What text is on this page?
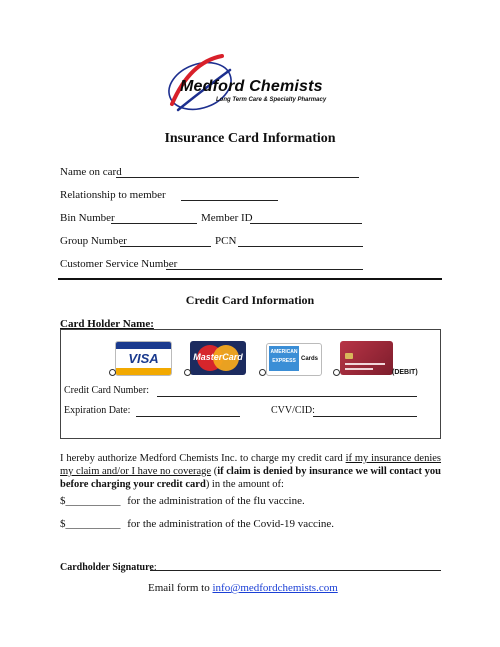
Medford Chemists
Long Term Care & Specialty Pharmacy
Insurance Card Information
Name on card
Relationship to member
Bin Number	Member ID
Group Number	PCN
Customer Service Number
Credit Card Information
Card Holder Name:
VISA	MasterCard	AMERICAN
EXPRESS Cards
(DEBIT)
Credit Card Number:
Expiration Date:	CVV/CID:
I hereby authorize Medford Chemists Inc. to charge my credit card if my insurance denies my claim and/or I have no coverage (if claim is denied by insurance we will contact you before charging your credit card) in the amount of:
$__________ for the administration of the flu vaccine.
$__________ for the administration of the Covid-19 vaccine.
Cardholder Signature:
Email form to info@medfordchemists.com
